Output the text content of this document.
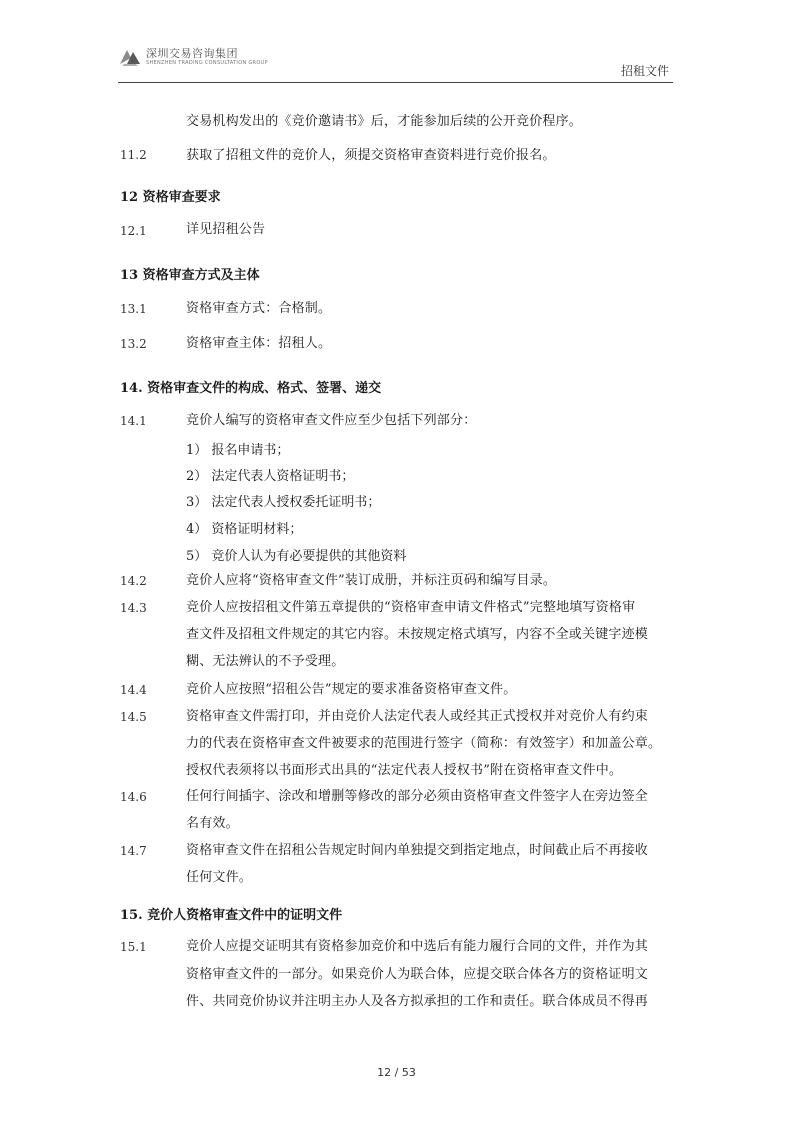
深圳交易咨询集团
SHENZHEN TRADING CONSULTATION GROUP
招租文件
交易机构发出的《竞价邀请书》后，才能参加后续的公开竞价程序。
11.2	获取了招租文件的竞价人，须提交资格审查资料进行竞价报名。
12 资格审查要求
12.1	详见招租公告
13 资格审查方式及主体
13.1	资格审查方式：合格制。
13.2	资格审查主体：招租人。
14. 资格审查文件的构成、格式、签署、递交
14.1	竞价人编写的资格审查文件应至少包括下列部分：
1） 报名申请书；
2） 法定代表人资格证明书；
3） 法定代表人授权委托证明书；
4） 资格证明材料；
5） 竞价人认为有必要提供的其他资料
14.2	竞价人应将“资格审查文件”装订成册，并标注页码和编写目录。
14.3	竞价人应按招租文件第五章提供的“资格审查申请文件格式”完整地填写资格审
查文件及招租文件规定的其它内容。未按规定格式填写，内容不全或关键字迹模
糊、无法辨认的不予受理。
14.4	竞价人应按照“招租公告”规定的要求准备资格审查文件。
14.5	资格审查文件需打印，并由竞价人法定代表人或经其正式授权并对竞价人有约束
力的代表在资格审查文件被要求的范围进行签字（简称：有效签字）和加盖公章。
授权代表须将以书面形式出具的“法定代表人授权书”附在资格审查文件中。
14.6	任何行间插字、涂改和增删等修改的部分必须由资格审查文件签字人在旁边签全
名有效。
14.7	资格审查文件在招租公告规定时间内单独提交到指定地点，时间截止后不再接收
任何文件。
15. 竞价人资格审查文件中的证明文件
15.1	竞价人应提交证明其有资格参加竞价和中选后有能力履行合同的文件，并作为其
资格审查文件的一部分。如果竞价人为联合体，应提交联合体各方的资格证明文
件、共同竞价协议并注明主办人及各方拟承担的工作和责任。联合体成员不得再
12 / 53
